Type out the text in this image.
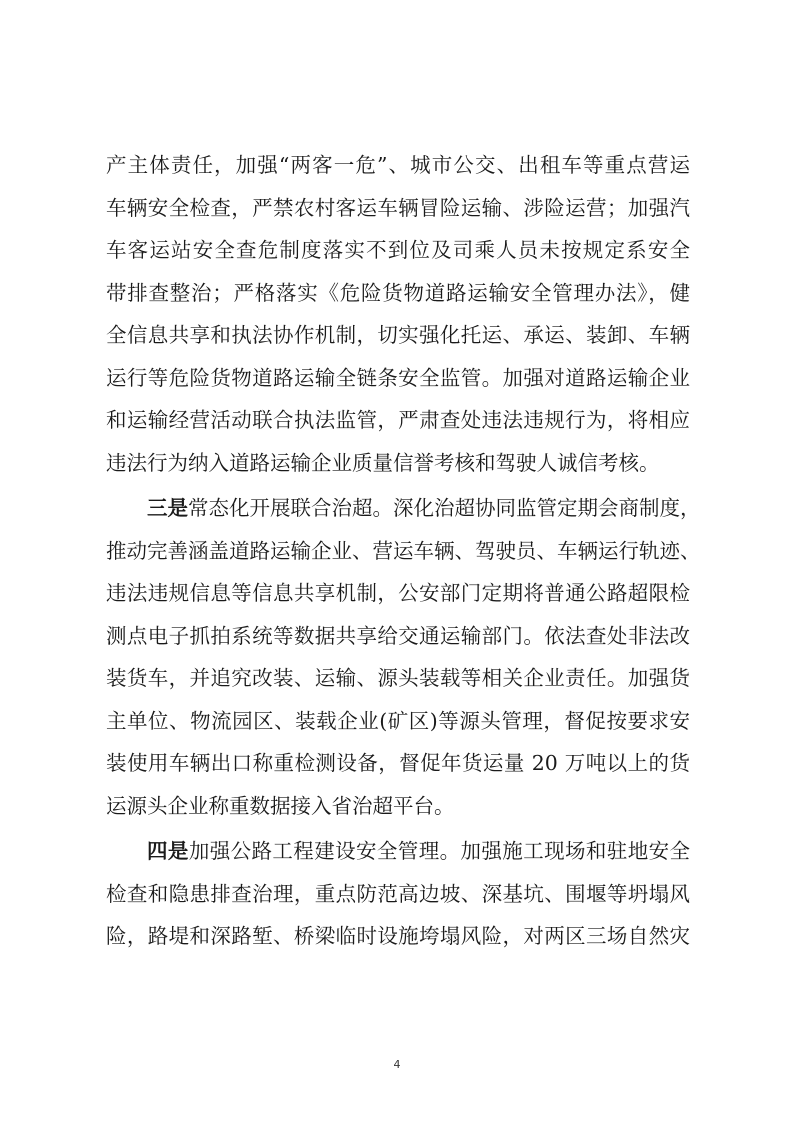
产主体责任，加强“两客一危”、城市公交、出租车等重点营运
车辆安全检查，严禁农村客运车辆冒险运输、涉险运营；加强汽
车客运站安全查危制度落实不到位及司乘人员未按规定系安全
带排查整治；严格落实《危险货物道路运输安全管理办法》，健
全信息共享和执法协作机制，切实强化托运、承运、装卸、车辆
运行等危险货物道路运输全链条安全监管。加强对道路运输企业
和运输经营活动联合执法监管，严肃查处违法违规行为，将相应
违法行为纳入道路运输企业质量信誉考核和驾驶人诚信考核。
三是常态化开展联合治超。深化治超协同监管定期会商制度，
推动完善涵盖道路运输企业、营运车辆、驾驶员、车辆运行轨迹、
违法违规信息等信息共享机制，公安部门定期将普通公路超限检
测点电子抓拍系统等数据共享给交通运输部门。依法查处非法改
装货车，并追究改装、运输、源头装载等相关企业责任。加强货
主单位、物流园区、装载企业(矿区)等源头管理，督促按要求安
装使用车辆出口称重检测设备，督促年货运量 20 万吨以上的货
运源头企业称重数据接入省治超平台。
四是加强公路工程建设安全管理。加强施工现场和驻地安全
检查和隐患排查治理，重点防范高边坡、深基坑、围堰等坍塌风
险，路堤和深路堑、桥梁临时设施垮塌风险，对两区三场自然灾
4
